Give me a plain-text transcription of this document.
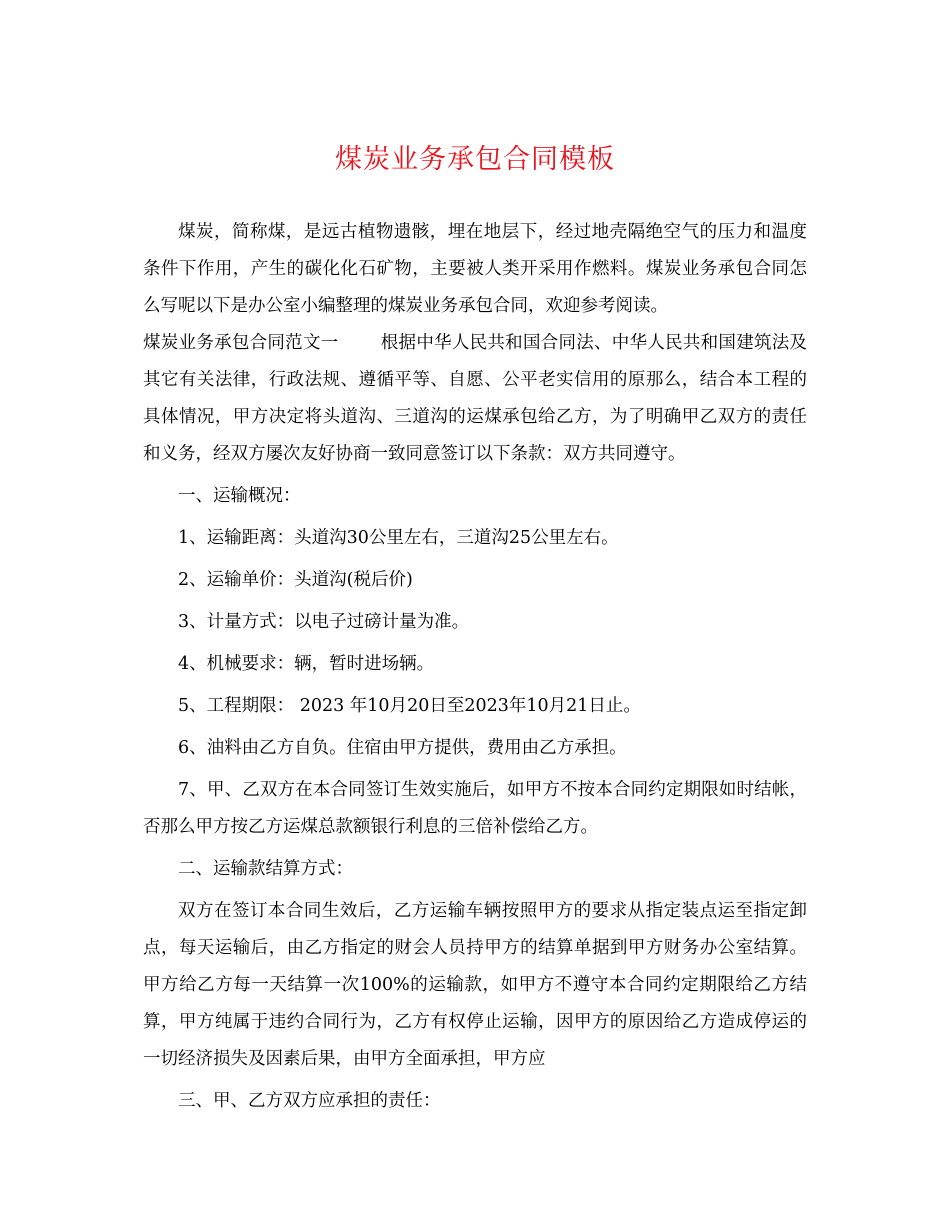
煤炭业务承包合同模板

煤炭，简称煤，是远古植物遗骸，埋在地层下，经过地壳隔绝空气的压力和温度条件下作用，产生的碳化化石矿物，主要被人类开采用作燃料。煤炭业务承包合同怎么写呢以下是办公室小编整理的煤炭业务承包合同，欢迎参考阅读。

煤炭业务承包合同范文一 根据中华人民共和国合同法、中华人民共和国建筑法及其它有关法律，行政法规、遵循平等、自愿、公平老实信用的原那么，结合本工程的具体情况，甲方决定将头道沟、三道沟的运煤承包给乙方，为了明确甲乙双方的责任和义务，经双方屡次友好协商一致同意签订以下条款：双方共同遵守。

一、运输概况：

1、运输距离：头道沟30公里左右，三道沟25公里左右。

2、运输单价：头道沟(税后价)

3、计量方式：以电子过磅计量为准。

4、机械要求：辆，暂时进场辆。

5、工程期限： 2023 年10月20日至2023年10月21日止。

6、油料由乙方自负。住宿由甲方提供，费用由乙方承担。

7、甲、乙双方在本合同签订生效实施后，如甲方不按本合同约定期限如时结帐，否那么甲方按乙方运煤总款额银行利息的三倍补偿给乙方。

二、运输款结算方式：

双方在签订本合同生效后，乙方运输车辆按照甲方的要求从指定装点运至指定卸点，每天运输后，由乙方指定的财会人员持甲方的结算单据到甲方财务办公室结算。甲方给乙方每一天结算一次100%的运输款，如甲方不遵守本合同约定期限给乙方结算，甲方纯属于违约合同行为，乙方有权停止运输，因甲方的原因给乙方造成停运的一切经济损失及因素后果，由甲方全面承担，甲方应

三、甲、乙方双方应承担的责任：
